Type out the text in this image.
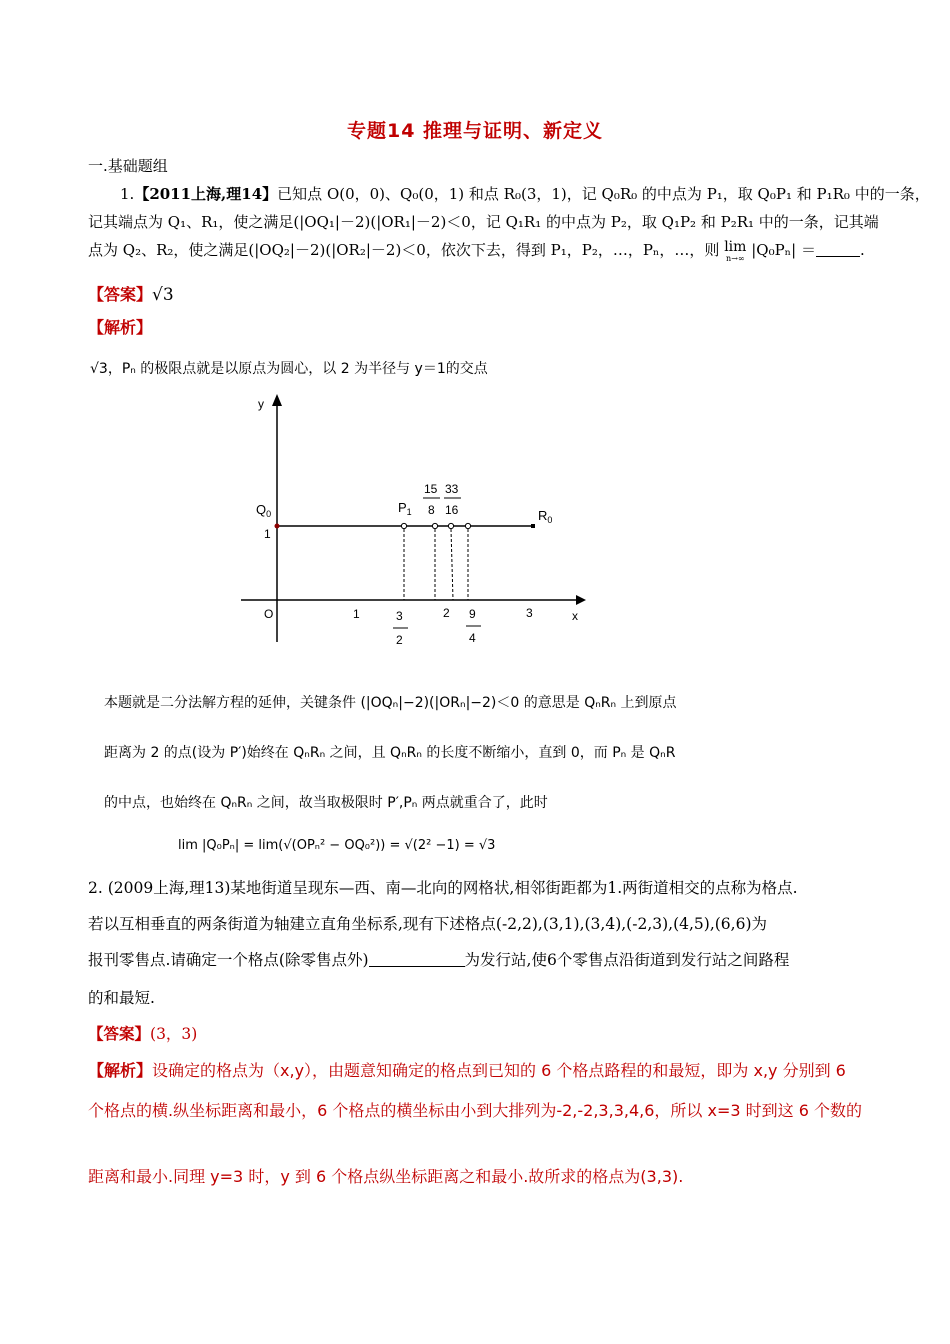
专题14 推理与证明、新定义
一.基础题组
1.【2011上海,理14】已知点 O(0，0)、Q₀(0，1) 和点 R₀(3，1)，记 Q₀R₀ 的中点为 P₁，取 Q₀P₁ 和 P₁R₀ 中的一条，
记其端点为 Q₁、R₁，使之满足(|OQ₁|－2)(|OR₁|－2)＜0，记 Q₁R₁ 的中点为 P₂，取 Q₁P₂ 和 P₂R₁ 中的一条，记其端
点为 Q₂、R₂，使之满足(|OQ₂|－2)(|OR₂|－2)＜0，依次下去，得到 P₁，P₂，…，Pₙ，…，则 lim
n→∞ |Q₀Pₙ| ＝	.
【答案】√3
【解析】
√3，Pₙ 的极限点就是以原点为圆心，以 2 为半径与 y＝1的交点
y
x
O
$Q_0$
1
$P_1$	$R_0$
15
8
33
16
1	2	3
3
2
9
4
本题就是二分法解方程的延伸，关键条件 (|OQₙ|−2)(|ORₙ|−2)＜0 的意思是 QₙRₙ 上到原点
距离为 2 的点(设为 P′)始终在 QₙRₙ 之间，且 QₙRₙ 的长度不断缩小，直到 0，而 Pₙ 是 QₙR
的中点，也始终在 QₙRₙ 之间，故当取极限时 P′,Pₙ 两点就重合了，此时
lim |Q₀Pₙ| = lim(√(OPₙ² − OQ₀²)) = √(2² −1) = √3
2. (2009上海,理13)某地街道呈现东—西、南—北向的网格状,相邻街距都为1.两街道相交的点称为格点.
若以互相垂直的两条街道为轴建立直角坐标系,现有下述格点(-2,2),(3,1),(3,4),(-2,3),(4,5),(6,6)为
报刊零售点.请确定一个格点(除零售点外)	为发行站,使6个零售点沿街道到发行站之间路程
的和最短.
【答案】(3，3)
【解析】设确定的格点为（x,y），由题意知确定的格点到已知的 6 个格点路程的和最短，即为 x,y 分别到 6
个格点的横.纵坐标距离和最小，6 个格点的横坐标由小到大排列为-2,-2,3,3,4,6，所以 x=3 时到这 6 个数的
距离和最小.同理 y=3 时，y 到 6 个格点纵坐标距离之和最小.故所求的格点为(3,3).
